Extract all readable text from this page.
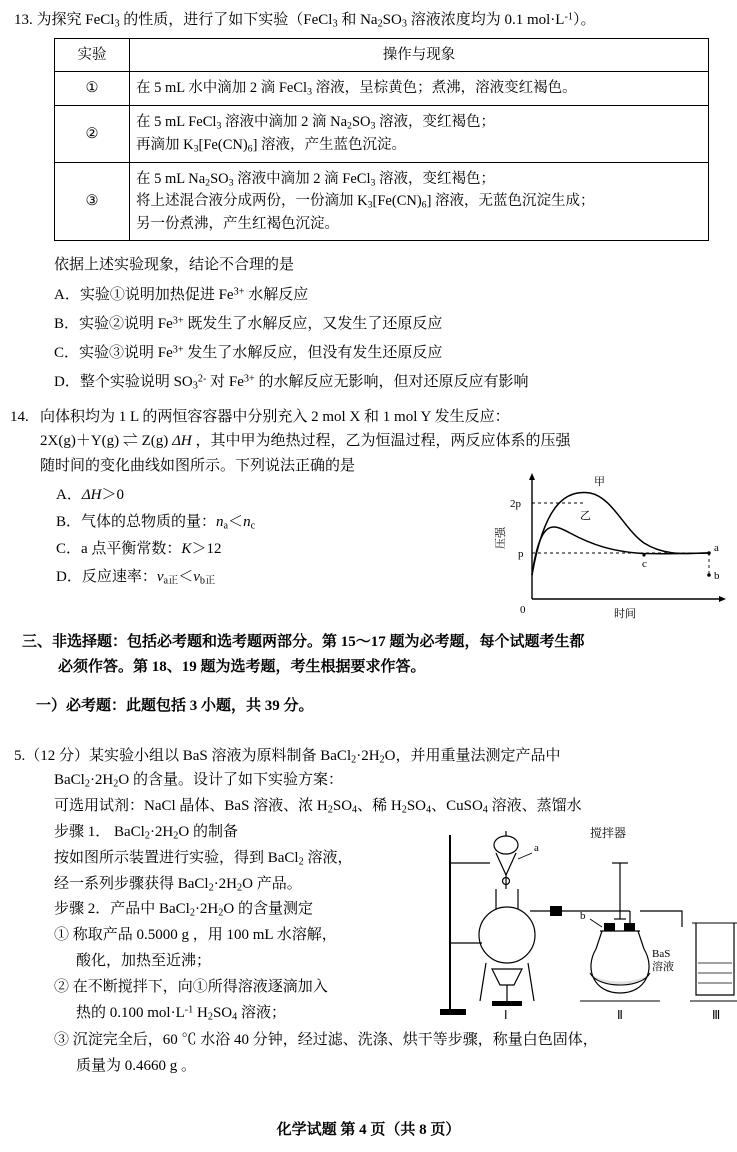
13. 为探究 FeCl$_3$ 的性质，进行了如下实验（FeCl$_3$ 和 $Na_2SO_3$ 溶液浓度均为 0.1 $mol\cdot L^{-1}$）。
实验	操作与现象
①	在 5 mL 水中滴加 2 滴 FeCl$_3$ 溶液，呈棕黄色；煮沸，溶液变红褐色。
②	在 5 mL FeCl$_3$ 溶液中滴加 2 滴 $Na_2SO_3$ 溶液，变红褐色；
再滴加 $K_3[Fe(CN)_6]$ 溶液，产生蓝色沉淀。
③	在 5 mL $Na_2SO_3$ 溶液中滴加 2 滴 FeCl$_3$ 溶液，变红褐色；
将上述混合液分成两份，一份滴加 $K_3[Fe(CN)_6]$ 溶液，无蓝色沉淀生成；
另一份煮沸，产生红褐色沉淀。
依据上述实验现象，结论不合理的是
A．实验①说明加热促进 $Fe^{3+}$ 水解反应
B．实验②说明 $Fe^{3+}$ 既发生了水解反应，又发生了还原反应
C．实验③说明 $Fe^{3+}$ 发生了水解反应，但没有发生还原反应
D．整个实验说明 $SO_3^{2-}$ 对 $Fe^{3+}$ 的水解反应无影响，但对还原反应有影响
14. 向体积均为 1 L 的两恒容容器中分别充入 2 mol X 和 1 mol Y 发生反应：
2X(g)＋Y(g) ⇌ Z(g) ΔH ，其中甲为绝热过程，乙为恒温过程，两反应体系的压强
随时间的变化曲线如图所示。下列说法正确的是
A．ΔH＞0
B．气体的总物质的量：$n_a<n_c$
C．a 点平衡常数：K＞12
D．反应速率：$v_{a正}<v_{b正}$
2p
p
0
甲
乙
c
a
b
压强
时间
三、非选择题：包括必考题和选考题两部分。第 15～17 题为必考题，每个试题考生都
必须作答。第 18、19 题为选考题，考生根据要求作答。
一）必考题：此题包括 3 小题，共 39 分。
5.（12 分）某实验小组以 BaS 溶液为原料制备 $BaCl_2\cdot 2H_2O$，并用重量法测定产品中
$BaCl_2\cdot 2H_2O$ 的含量。设计了如下实验方案：
可选用试剂：NaCl 晶体、BaS 溶液、浓 $H_2SO_4$、稀 $H_2SO_4$、CuSO$_4$ 溶液、蒸馏水
步骤 1． $BaCl_2\cdot 2H_2O$ 的制备
按如图所示装置进行实验，得到 BaCl$_2$ 溶液，
经一系列步骤获得 $BaCl_2\cdot 2H_2O$ 产品。
步骤 2．产品中 $BaCl_2\cdot 2H_2O$ 的含量测定
① 称取产品 0.5000 g ，用 100 mL 水溶解，
酸化，加热至近沸；
② 在不断搅拌下，向①所得溶液逐滴加入
热的 0.100 $mol\cdot L^{-1}$ $H_2SO_4$ 溶液；
③ 沉淀完全后，60 ℃ 水浴 40 分钟，经过滤、洗涤、烘干等步骤，称量白色固体，
质量为 0.4660 g 。
a
b
搅拌器
BaS
溶液
Ⅰ	Ⅱ	Ⅲ
化学试题 第 4 页（共 8 页）
